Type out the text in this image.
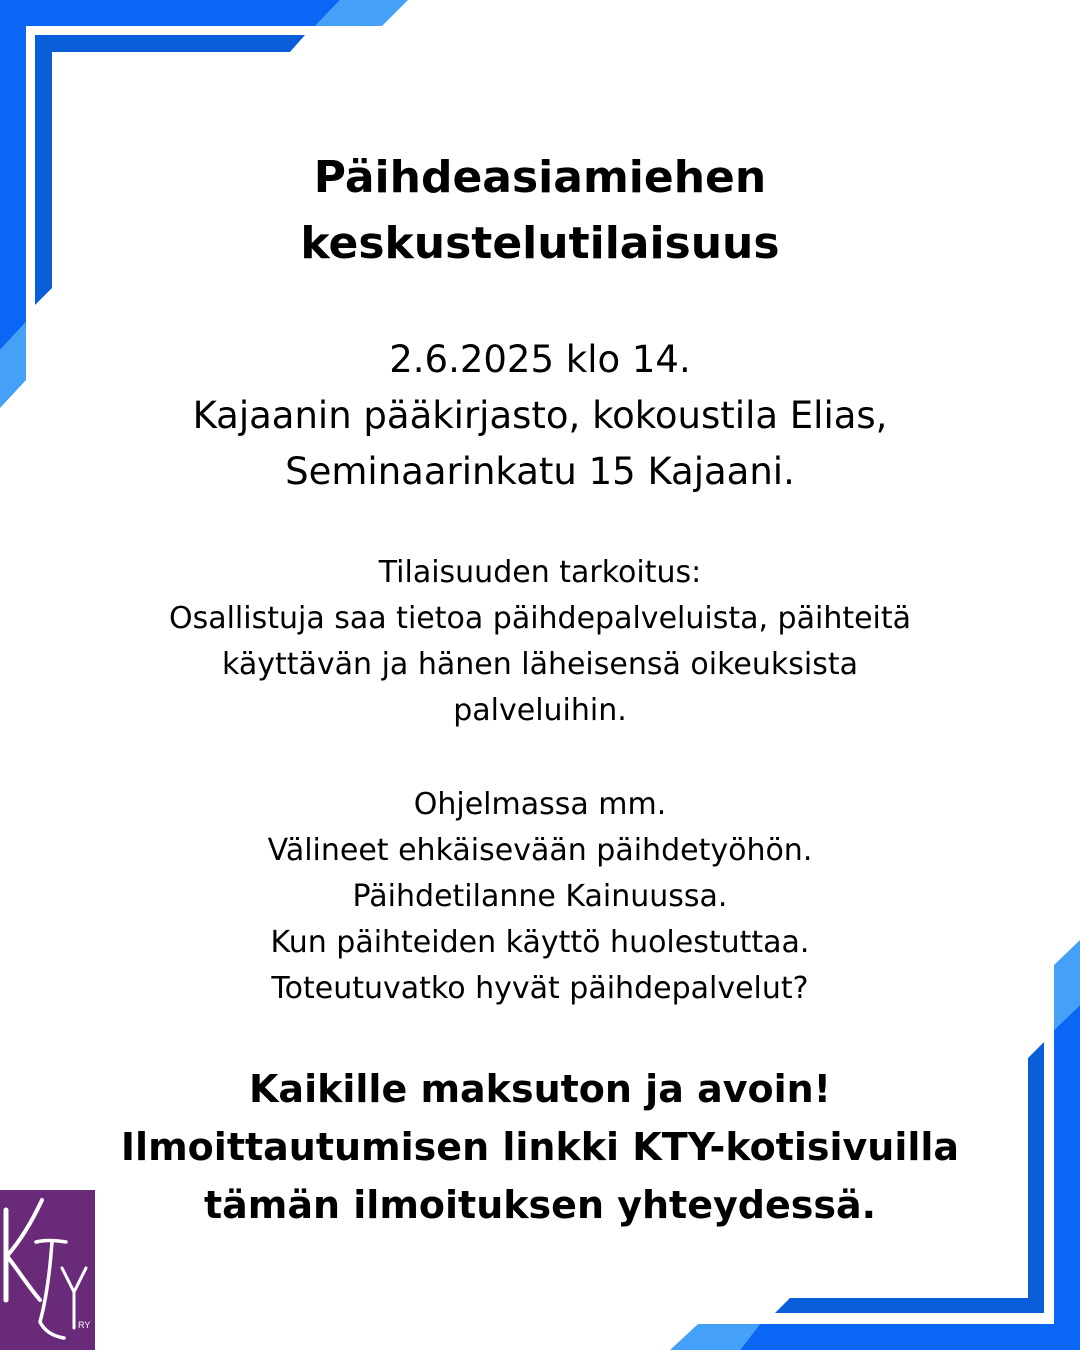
Päihdeasiamiehen
keskustelutilaisuus
2.6.2025 klo 14.
Kajaanin pääkirjasto, kokoustila Elias,
Seminaarinkatu 15 Kajaani.
Tilaisuuden tarkoitus:
Osallistuja saa tietoa päihdepalveluista, päihteitä
käyttävän ja hänen läheisensä oikeuksista
palveluihin.
Ohjelmassa mm.
Välineet ehkäisevään päihdetyöhön.
Päihdetilanne Kainuussa.
Kun päihteiden käyttö huolestuttaa.
Toteutuvatko hyvät päihdepalvelut?
Kaikille maksuton ja avoin!
Ilmoittautumisen linkki KTY-kotisivuilla
tämän ilmoituksen yhteydessä.
RY
